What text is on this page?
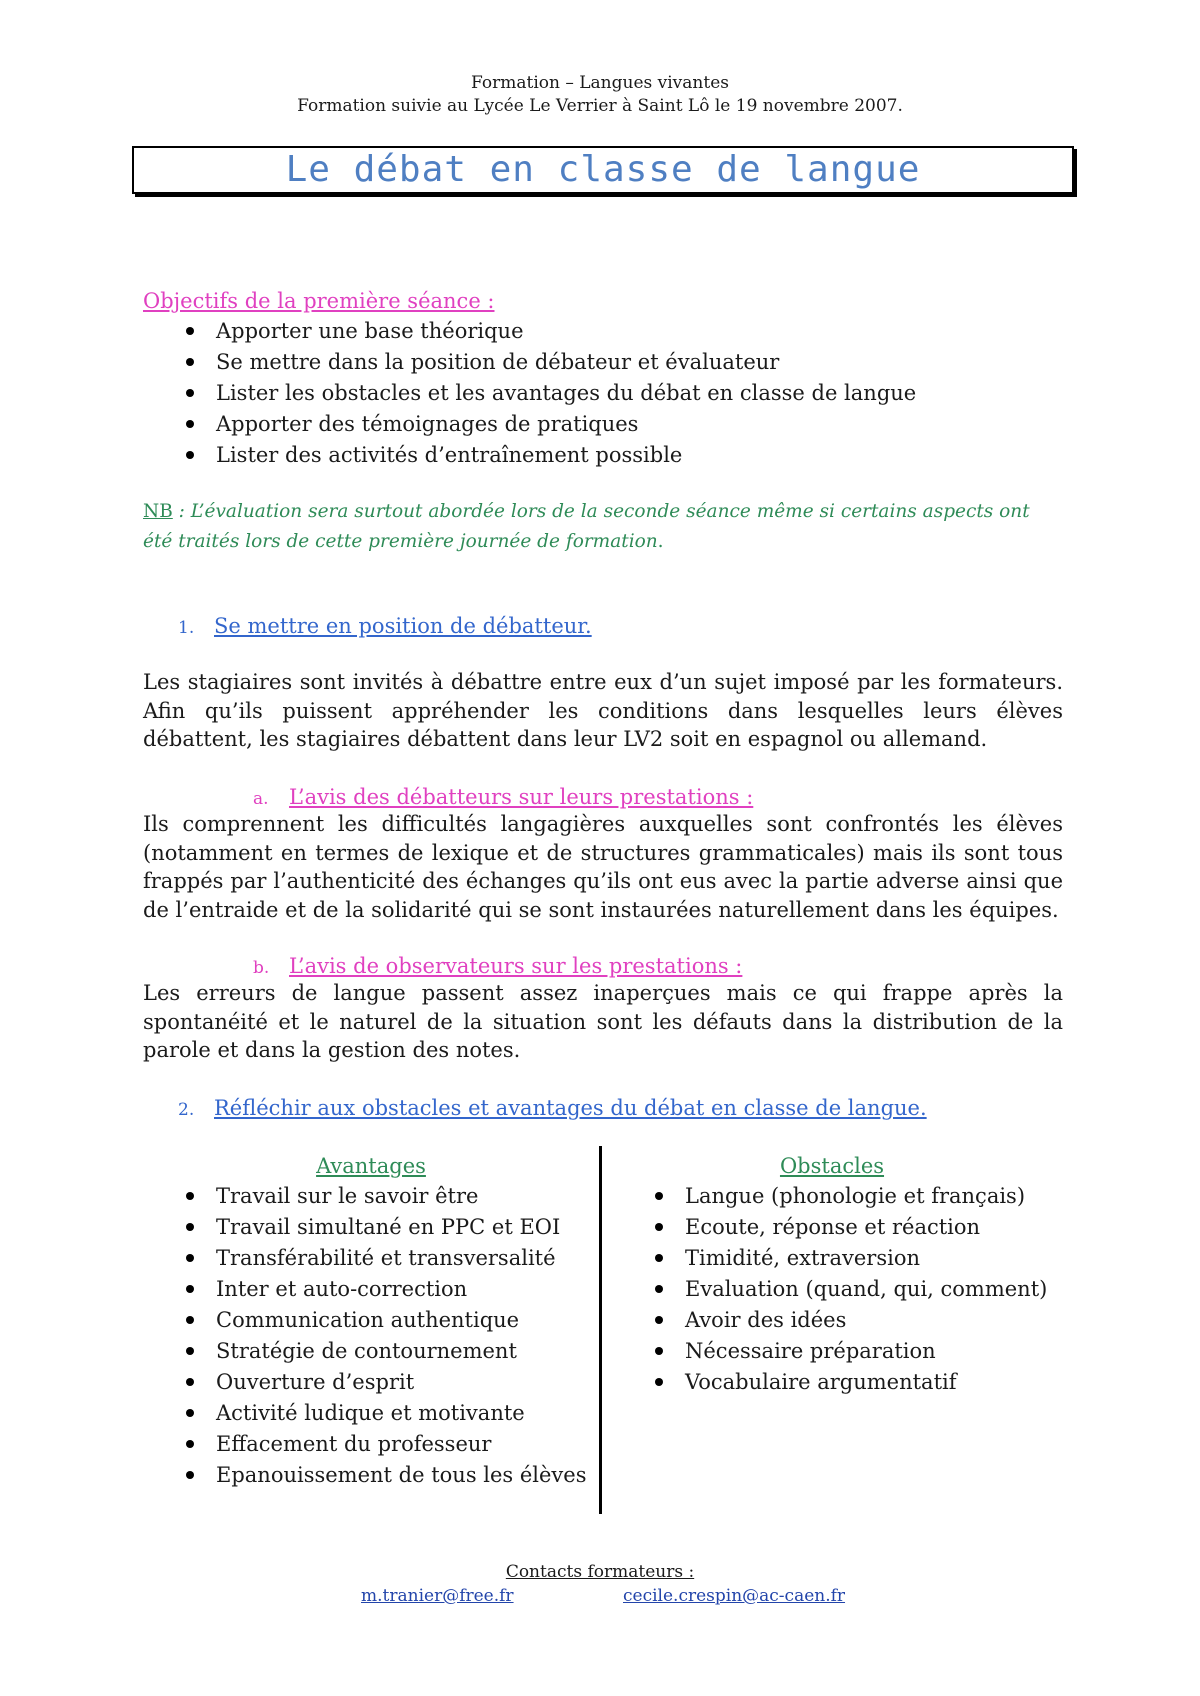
Formation – Langues vivantes
Formation suivie au Lycée Le Verrier à Saint Lô le 19 novembre 2007.
Le débat en classe de langue
Objectifs de la première séance :
Apporter une base théorique
Se mettre dans la position de débateur et évaluateur
Lister les obstacles et les avantages du débat en classe de langue
Apporter des témoignages de pratiques
Lister des activités d’entraînement possible
NB : L’évaluation sera surtout abordée lors de la seconde séance même si certains aspects ont été traités lors de cette première journée de formation.
1. Se mettre en position de débatteur.
Les stagiaires sont invités à débattre entre eux d’un sujet imposé par les formateurs. Afin qu’ils puissent appréhender les conditions dans lesquelles leurs élèves débattent, les stagiaires débattent dans leur LV2 soit en espagnol ou allemand.
a. L’avis des débatteurs sur leurs prestations :
Ils comprennent les difficultés langagières auxquelles sont confrontés les élèves (notamment en termes de lexique et de structures grammaticales) mais ils sont tous frappés par l’authenticité des échanges qu’ils ont eus avec la partie adverse ainsi que de l’entraide et de la solidarité qui se sont instaurées naturellement dans les équipes.
b. L’avis de observateurs sur les prestations :
Les erreurs de langue passent assez inaperçues mais ce qui frappe après la spontanéité et le naturel de la situation sont les défauts dans la distribution de la parole et dans la gestion des notes.
2. Réfléchir aux obstacles et avantages du débat en classe de langue.
Avantages
Travail sur le savoir être
Travail simultané en PPC et EOI
Transférabilité et transversalité
Inter et auto-correction
Communication authentique
Stratégie de contournement
Ouverture d’esprit
Activité ludique et motivante
Effacement du professeur
Epanouissement de tous les élèves
Obstacles
Langue (phonologie et français)
Ecoute, réponse et réaction
Timidité, extraversion
Evaluation (quand, qui, comment)
Avoir des idées
Nécessaire préparation
Vocabulaire argumentatif
Contacts formateurs :
m.tranier@free.fr	cecile.crespin@ac-caen.fr
